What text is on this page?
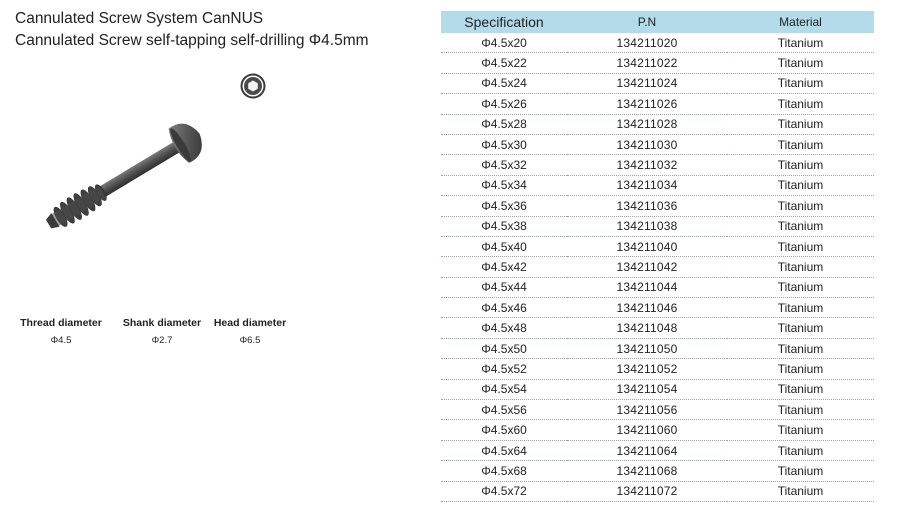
Cannulated Screw System CanNUS
Cannulated Screw self-tapping self-drilling Φ4.5mm
Thread diameter
Φ4.5
Shank diameter
Φ2.7
Head diameter
Φ6.5
Specification	P.N	Material
Φ4.5x20	134211020	Titanium
Φ4.5x22	134211022	Titanium
Φ4.5x24	134211024	Titanium
Φ4.5x26	134211026	Titanium
Φ4.5x28	134211028	Titanium
Φ4.5x30	134211030	Titanium
Φ4.5x32	134211032	Titanium
Φ4.5x34	134211034	Titanium
Φ4.5x36	134211036	Titanium
Φ4.5x38	134211038	Titanium
Φ4.5x40	134211040	Titanium
Φ4.5x42	134211042	Titanium
Φ4.5x44	134211044	Titanium
Φ4.5x46	134211046	Titanium
Φ4.5x48	134211048	Titanium
Φ4.5x50	134211050	Titanium
Φ4.5x52	134211052	Titanium
Φ4.5x54	134211054	Titanium
Φ4.5x56	134211056	Titanium
Φ4.5x60	134211060	Titanium
Φ4.5x64	134211064	Titanium
Φ4.5x68	134211068	Titanium
Φ4.5x72	134211072	Titanium
